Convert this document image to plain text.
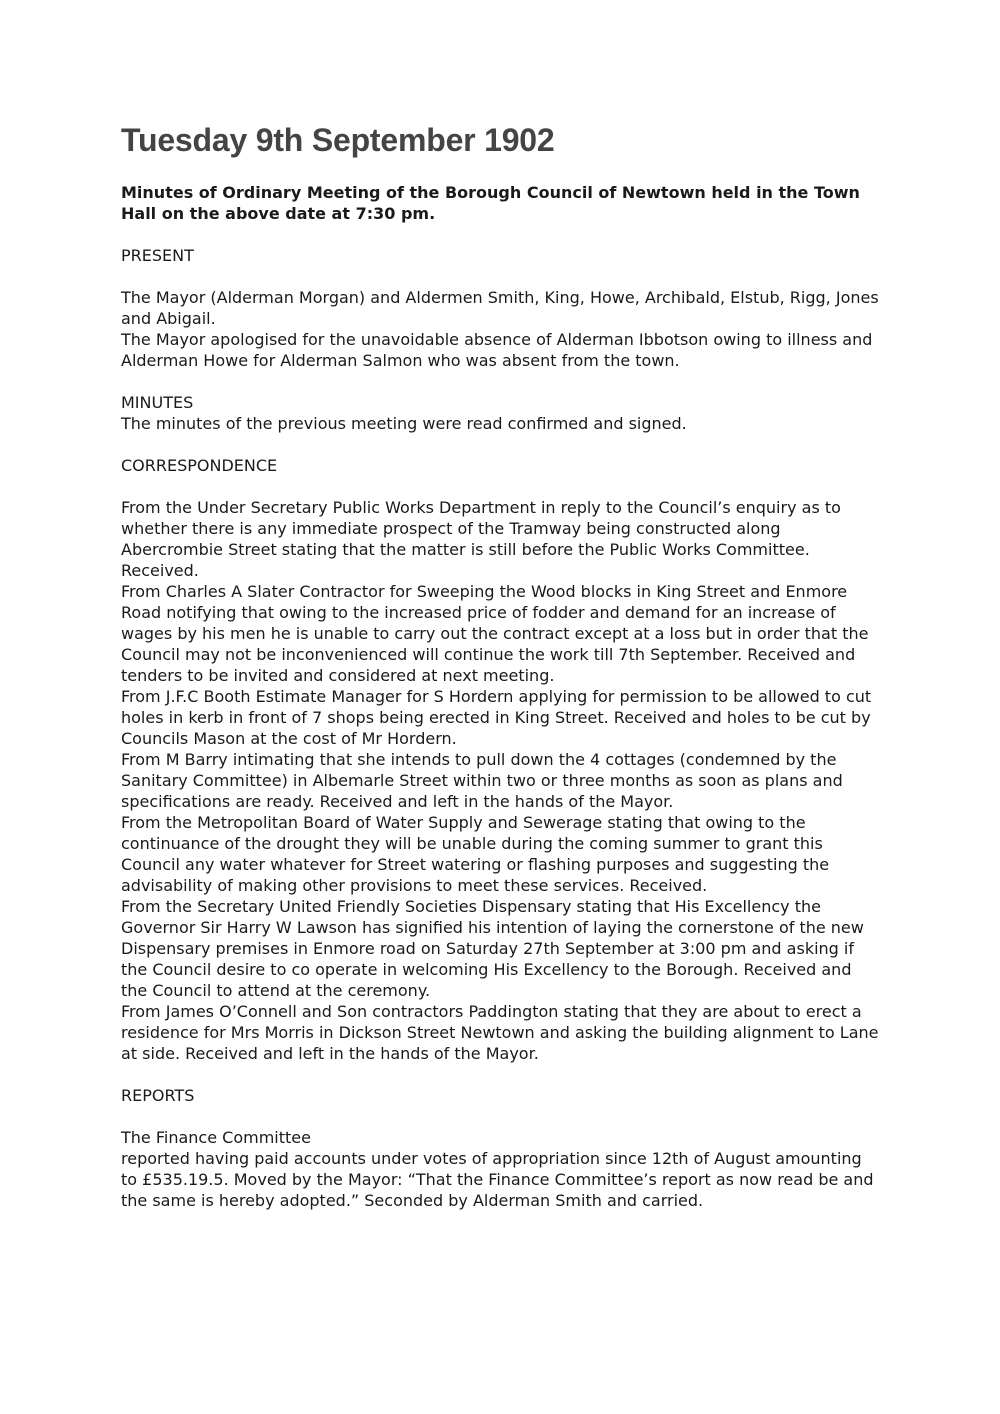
Tuesday 9th September 1902
Minutes of Ordinary Meeting of the Borough Council of Newtown held in the Town Hall on the above date at 7:30 pm.
PRESENT

The Mayor (Alderman Morgan) and Aldermen Smith, King, Howe, Archibald, Elstub, Rigg, Jones and Abigail.

The Mayor apologised for the unavoidable absence of Alderman Ibbotson owing to illness and Alderman Howe for Alderman Salmon who was absent from the town.

MINUTES

The minutes of the previous meeting were read confirmed and signed.

CORRESPONDENCE

From the Under Secretary Public Works Department in reply to the Council’s enquiry as to whether there is any immediate prospect of the Tramway being constructed along Abercrombie Street stating that the matter is still before the Public Works Committee. Received.

From Charles A Slater Contractor for Sweeping the Wood blocks in King Street and Enmore Road notifying that owing to the increased price of fodder and demand for an increase of wages by his men he is unable to carry out the contract except at a loss but in order that the Council may not be inconvenienced will continue the work till 7th September. Received and tenders to be invited and considered at next meeting.

From J.F.C Booth Estimate Manager for S Hordern applying for permission to be allowed to cut holes in kerb in front of 7 shops being erected in King Street. Received and holes to be cut by Councils Mason at the cost of Mr Hordern.

From M Barry intimating that she intends to pull down the 4 cottages (condemned by the Sanitary Committee) in Albemarle Street within two or three months as soon as plans and specifications are ready. Received and left in the hands of the Mayor.

From the Metropolitan Board of Water Supply and Sewerage stating that owing to the continuance of the drought they will be unable during the coming summer to grant this Council any water whatever for Street watering or flashing purposes and suggesting the advisability of making other provisions to meet these services. Received.

From the Secretary United Friendly Societies Dispensary stating that His Excellency the Governor Sir Harry W Lawson has signified his intention of laying the cornerstone of the new Dispensary premises in Enmore road on Saturday 27th September at 3:00 pm and asking if the Council desire to co operate in welcoming His Excellency to the Borough. Received and the Council to attend at the ceremony.

From James O’Connell and Son contractors Paddington stating that they are about to erect a residence for Mrs Morris in Dickson Street Newtown and asking the building alignment to Lane at side. Received and left in the hands of the Mayor.

REPORTS
The Finance Committee

reported having paid accounts under votes of appropriation since 12th of August amounting to £535.19.5. Moved by the Mayor: “That the Finance Committee’s report as now read be and the same is hereby adopted.” Seconded by Alderman Smith and carried.
